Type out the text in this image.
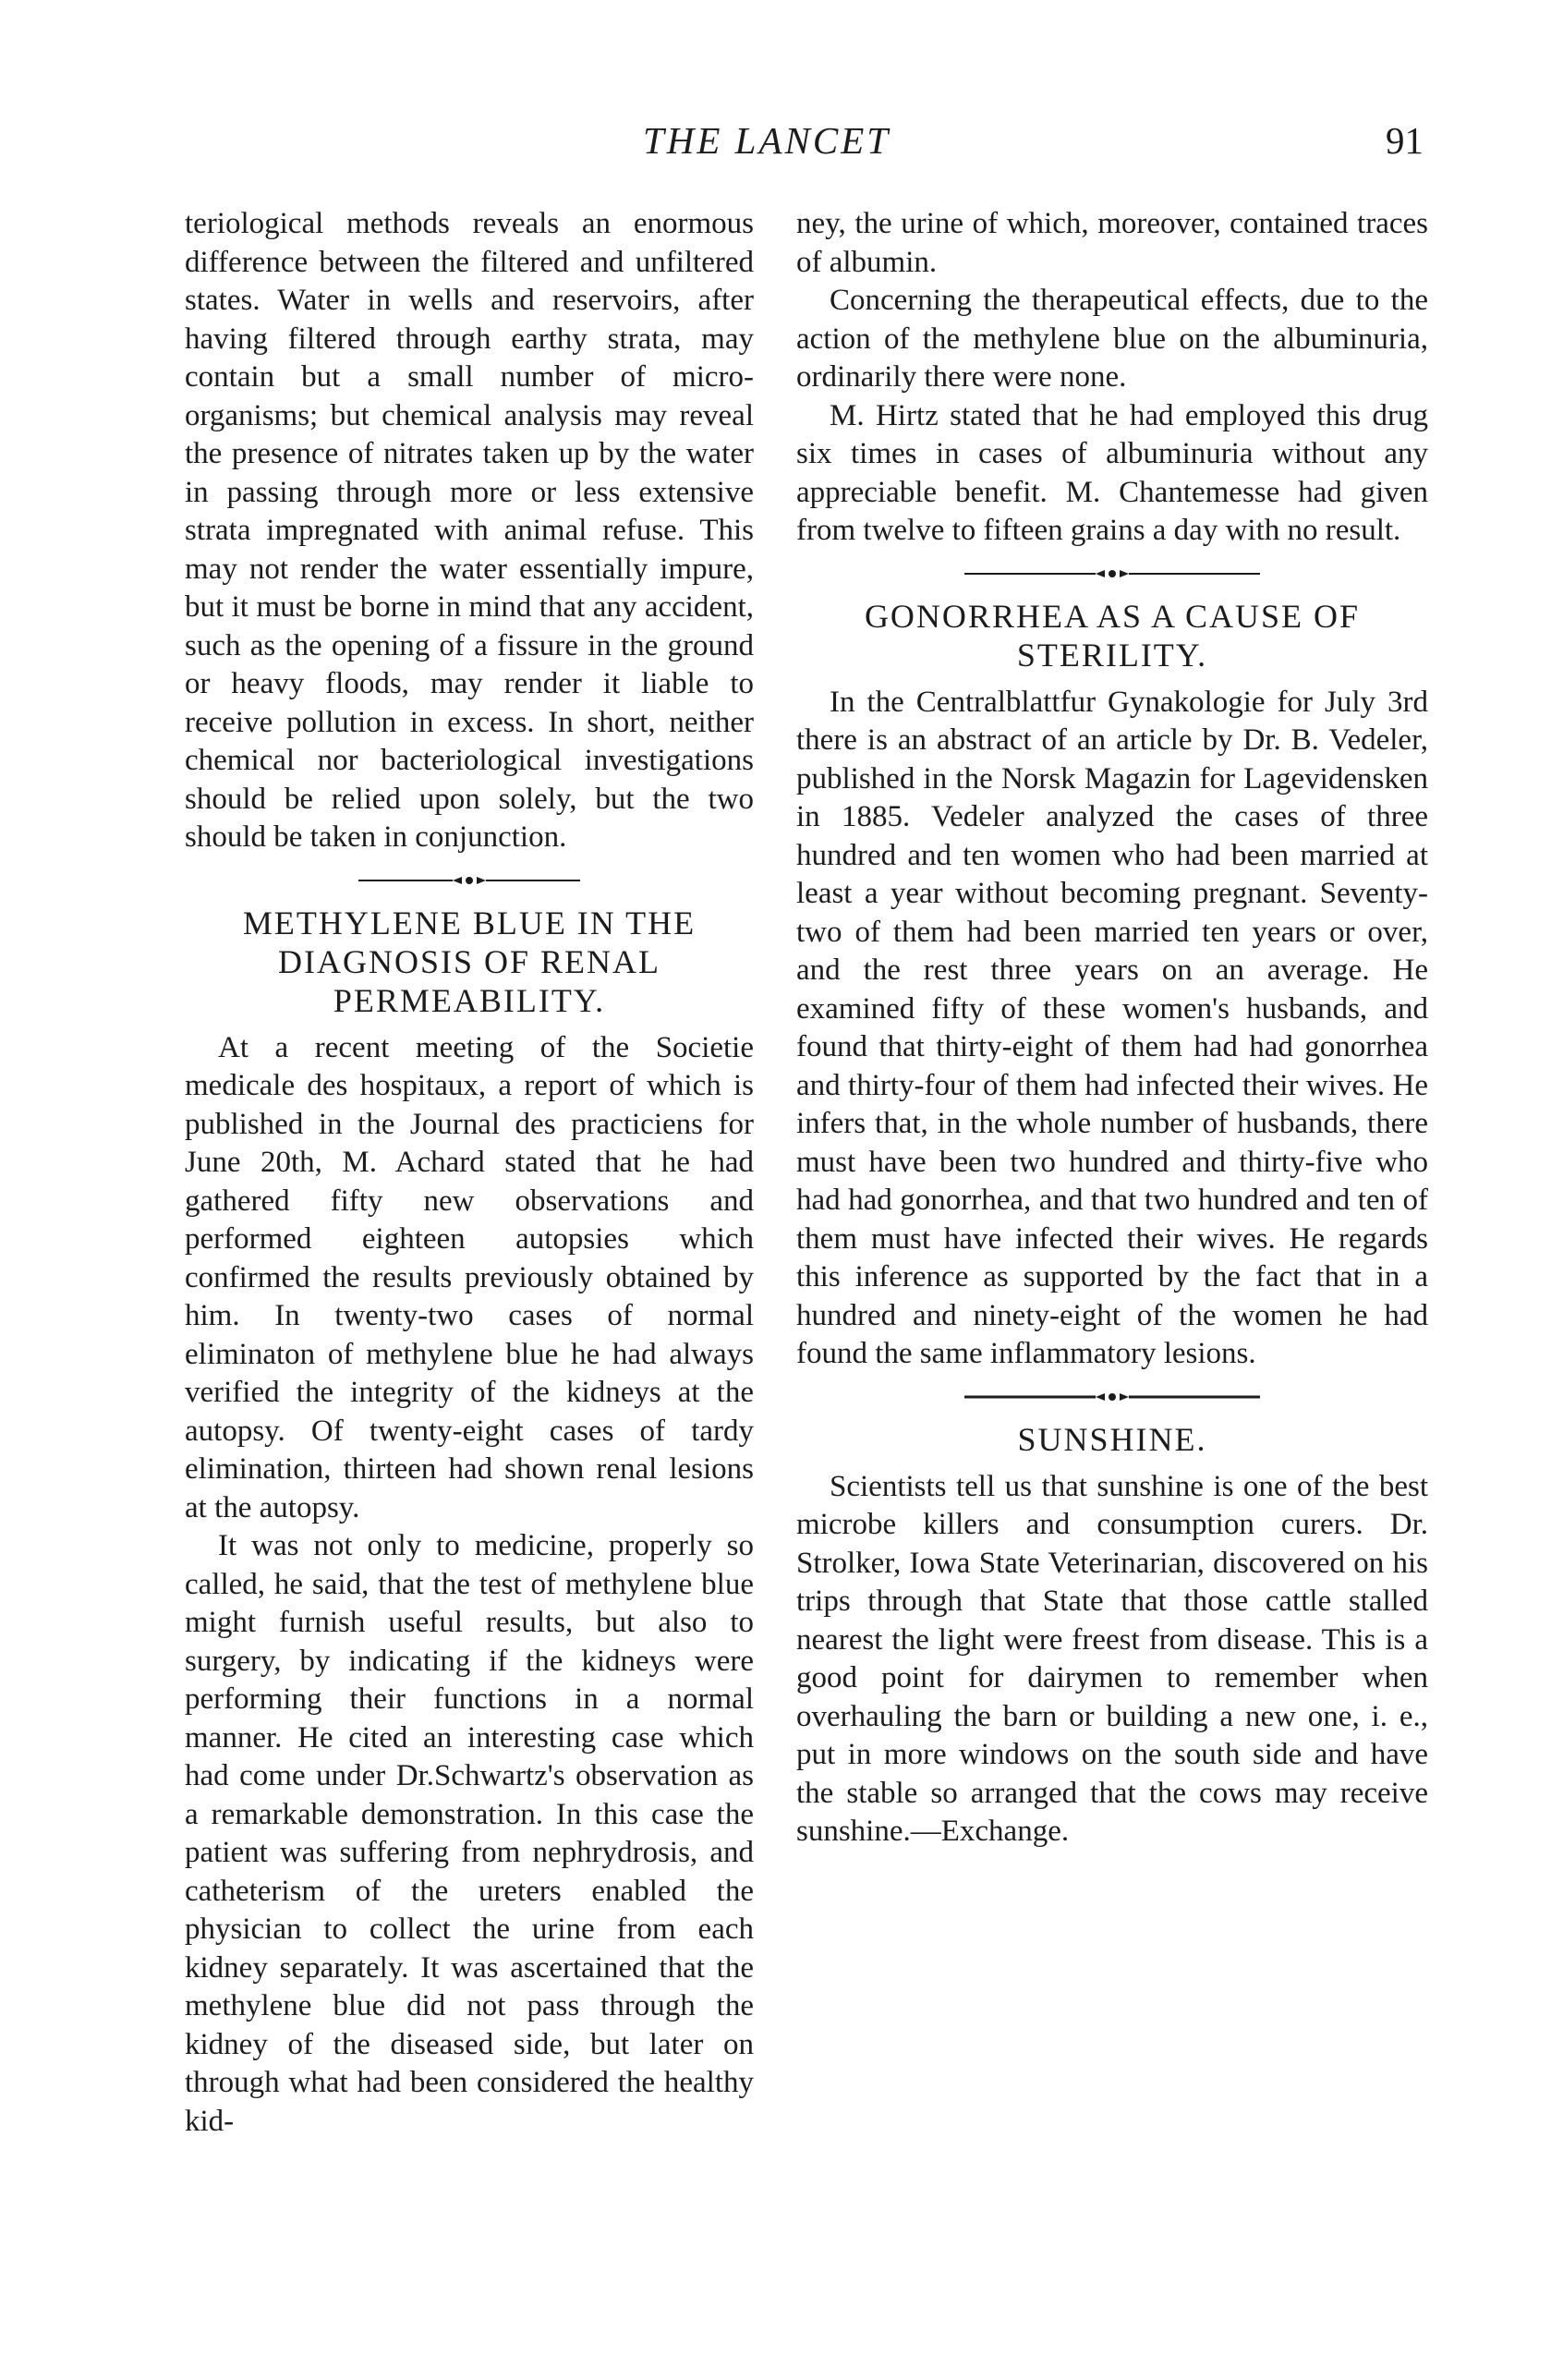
THE LANCET	91

teriological methods reveals an enormous difference between the filtered and unfiltered states. Water in wells and reservoirs, after having filtered through earthy strata, may contain but a small number of micro-organisms; but chemical analysis may reveal the presence of nitrates taken up by the water in passing through more or less extensive strata impregnated with animal refuse. This may not render the water essentially impure, but it must be borne in mind that any accident, such as the opening of a fissure in the ground or heavy floods, may render it liable to receive pollution in excess. In short, neither chemical nor bacteriological investigations should be relied upon solely, but the two should be taken in conjunction.

METHYLENE BLUE IN THE DIAGNOSIS OF RENAL PERMEABILITY.

At a recent meeting of the Societie medicale des hospitaux, a report of which is published in the Journal des practiciens for June 20th, M. Achard stated that he had gathered fifty new observations and performed eighteen autopsies which confirmed the results previously obtained by him. In twenty-two cases of normal eliminaton of methylene blue he had always verified the integrity of the kidneys at the autopsy. Of twenty-eight cases of tardy elimination, thirteen had shown renal lesions at the autopsy.

It was not only to medicine, properly so called, he said, that the test of methylene blue might furnish useful results, but also to surgery, by indicating if the kidneys were performing their functions in a normal manner. He cited an interesting case which had come under Dr.Schwartz's observation as a remarkable demonstration. In this case the patient was suffering from nephrydrosis, and catheterism of the ureters enabled the physician to collect the urine from each kidney separately. It was ascertained that the methylene blue did not pass through the kidney of the diseased side, but later on through what had been considered the healthy kid-

ney, the urine of which, moreover, contained traces of albumin.

Concerning the therapeutical effects, due to the action of the methylene blue on the albuminuria, ordinarily there were none.

M. Hirtz stated that he had employed this drug six times in cases of albuminuria without any appreciable benefit. M. Chantemesse had given from twelve to fifteen grains a day with no result.

GONORRHEA AS A CAUSE OF STERILITY.

In the Centralblattfur Gynakologie for July 3rd there is an abstract of an article by Dr. B. Vedeler, published in the Norsk Magazin for Lagevidensken in 1885. Vedeler analyzed the cases of three hundred and ten women who had been married at least a year without becoming pregnant. Seventy-two of them had been married ten years or over, and the rest three years on an average. He examined fifty of these women's husbands, and found that thirty-eight of them had had gonorrhea and thirty-four of them had infected their wives. He infers that, in the whole number of husbands, there must have been two hundred and thirty-five who had had gonorrhea, and that two hundred and ten of them must have infected their wives. He regards this inference as supported by the fact that in a hundred and ninety-eight of the women he had found the same inflammatory lesions.

SUNSHINE.

Scientists tell us that sunshine is one of the best microbe killers and consumption curers. Dr. Strolker, Iowa State Veterinarian, discovered on his trips through that State that those cattle stalled nearest the light were freest from disease. This is a good point for dairymen to remember when overhauling the barn or building a new one, i. e., put in more windows on the south side and have the stable so arranged that the cows may receive sunshine.—Exchange.
